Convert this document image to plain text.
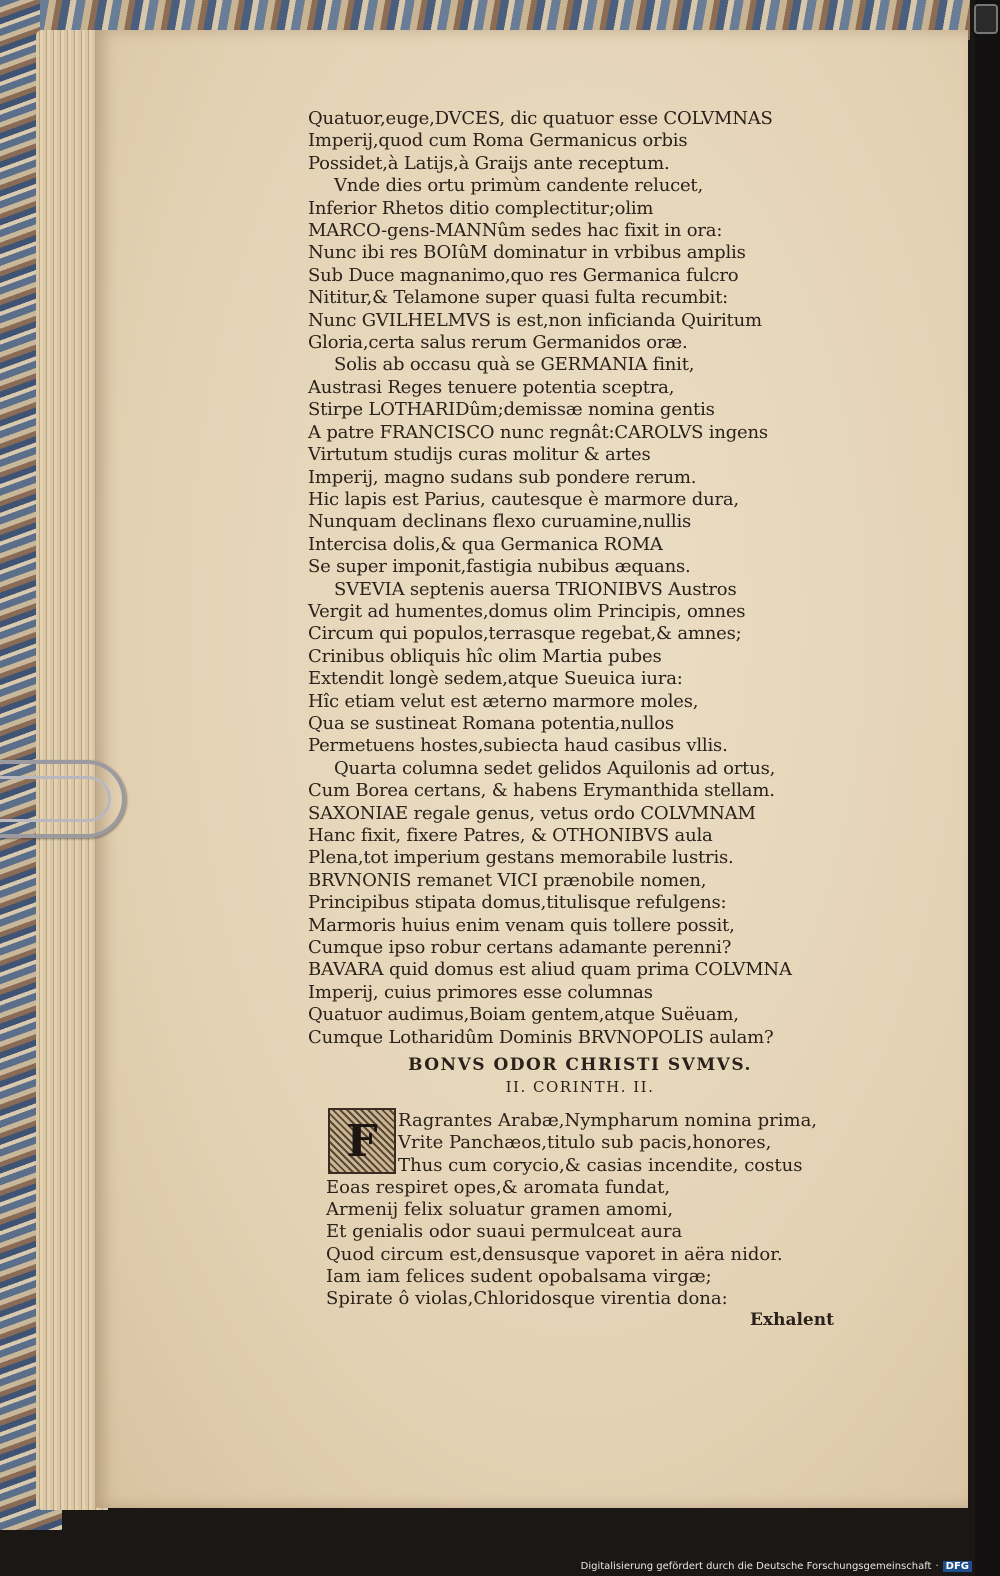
Quatuor,euge,DVCES, dic quatuor esse COLVMNAS
Imperij,quod cum Roma Germanicus orbis
Possidet,à Latijs,à Graijs ante receptum.
Vnde dies ortu primùm candente relucet,
Inferior Rhetos ditio complectitur;olim
MARCO-gens-MANNûm sedes hac fixit in ora:
Nunc ibi res BOIûM dominatur in vrbibus amplis
Sub Duce magnanimo,quo res Germanica fulcro
Nititur,& Telamone super quasi fulta recumbit:
Nunc GVILHELMVS is est,non inficianda Quiritum
Gloria,certa salus rerum Germanidos oræ.
Solis ab occasu quà se GERMANIA finit,
Austrasi Reges tenuere potentia sceptra,
Stirpe LOTHARIDûm;demissæ nomina gentis
A patre FRANCISCO nunc regnât:CAROLVS ingens
Virtutum studijs curas molitur & artes
Imperij, magno sudans sub pondere rerum.
Hic lapis est Parius, cautesque è marmore dura,
Nunquam declinans flexo curuamine,nullis
Intercisa dolis,& qua Germanica ROMA
Se super imponit,fastigia nubibus æquans.
SVEVIA septenis auersa TRIONIBVS Austros
Vergit ad humentes,domus olim Principis, omnes
Circum qui populos,terrasque regebat,& amnes;
Crinibus obliquis hîc olim Martia pubes
Extendit longè sedem,atque Sueuica iura:
Hîc etiam velut est æterno marmore moles,
Qua se sustineat Romana potentia,nullos
Permetuens hostes,subiecta haud casibus vllis.
Quarta columna sedet gelidos Aquilonis ad ortus,
Cum Borea certans, & habens Erymanthida stellam.
SAXONIAE regale genus, vetus ordo COLVMNAM
Hanc fixit, fixere Patres, & OTHONIBVS aula
Plena,tot imperium gestans memorabile lustris.
BRVNONIS remanet VICI prænobile nomen,
Principibus stipata domus,titulisque refulgens:
Marmoris huius enim venam quis tollere possit,
Cumque ipso robur certans adamante perenni?
BAVARA quid domus est aliud quam prima COLVMNA
Imperij, cuius primores esse columnas
Quatuor audimus,Boiam gentem,atque Suëuam,
Cumque Lotharidûm Dominis BRVNOPOLIS aulam?
BONVS ODOR CHRISTI SVMVS.
II. CORINTH. II.
F	Ragrantes Arabæ,Nympharum nomina prima,
Vrite Panchæos,titulo sub pacis,honores,
Thus cum corycio,& casias incendite, costus
Eoas respiret opes,& aromata fundat,
Armenij felix soluatur gramen amomi,
Et genialis odor suaui permulceat aura
Quod circum est,densusque vaporet in aëra nidor.
Iam iam felices sudent opobalsama virgæ;
Spirate ô violas,Chloridosque virentia dona:
Exhalent
Digitalisierung gefördert durch die Deutsche Forschungsgemeinschaft · DFG
